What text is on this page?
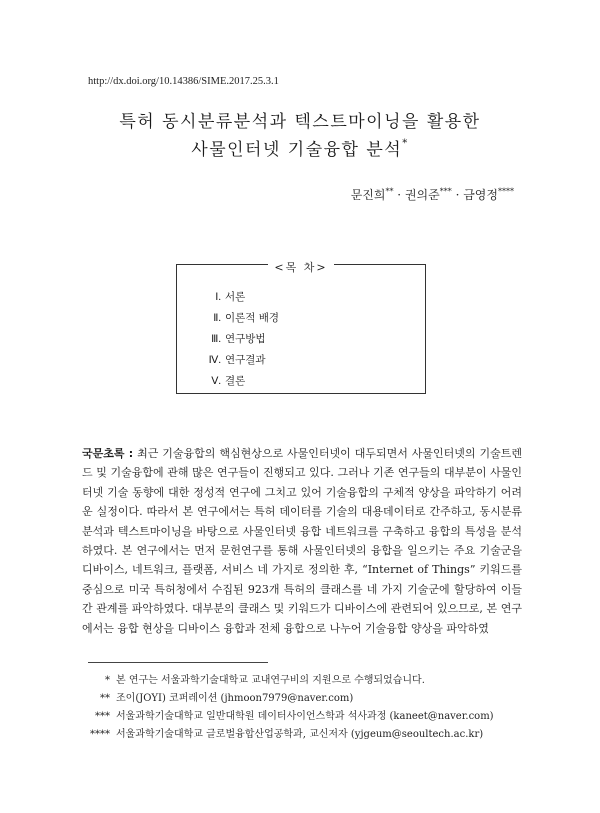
http://dx.doi.org/10.14386/SIME.2017.25.3.1
특허 동시분류분석과 텍스트마이닝을 활용한
사물인터넷 기술융합 분석*
문진희** · 권의준*** · 금영정****
<목 차>
Ⅰ. 서론
Ⅱ. 이론적 배경
Ⅲ. 연구방법
Ⅳ. 연구결과
Ⅴ. 결론
국문초록 : 최근 기술융합의 핵심현상으로 사물인터넷이 대두되면서 사물인터넷의 기술트렌드 및 기술융합에 관해 많은 연구들이 진행되고 있다. 그러나 기존 연구들의 대부분이 사물인터넷 기술 동향에 대한 정성적 연구에 그치고 있어 기술융합의 구체적 양상을 파악하기 어려운 실정이다. 따라서 본 연구에서는 특허 데이터를 기술의 대용데이터로 간주하고, 동시분류분석과 텍스트마이닝을 바탕으로 사물인터넷 융합 네트워크를 구축하고 융합의 특성을 분석하였다. 본 연구에서는 먼저 문헌연구를 통해 사물인터넷의 융합을 일으키는 주요 기술군을 디바이스, 네트워크, 플랫폼, 서비스 네 가지로 정의한 후, “Internet of Things” 키워드를 중심으로 미국 특허청에서 수집된 923개 특허의 클래스를 네 가지 기술군에 할당하여 이들 간 관계를 파악하였다. 대부분의 클래스 및 키워드가 디바이스에 관련되어 있으므로, 본 연구에서는 융합 현상을 디바이스 융합과 전체 융합으로 나누어 기술융합 양상을 파악하였
* 본 연구는 서울과학기술대학교 교내연구비의 지원으로 수행되었습니다.
** 조이(JOYI) 코퍼레이션 (jhmoon7979@naver.com)
*** 서울과학기술대학교 일반대학원 데이터사이언스학과 석사과정 (kaneet@naver.com)
**** 서울과학기술대학교 글로벌융합산업공학과, 교신저자 (yjgeum@seoultech.ac.kr)
